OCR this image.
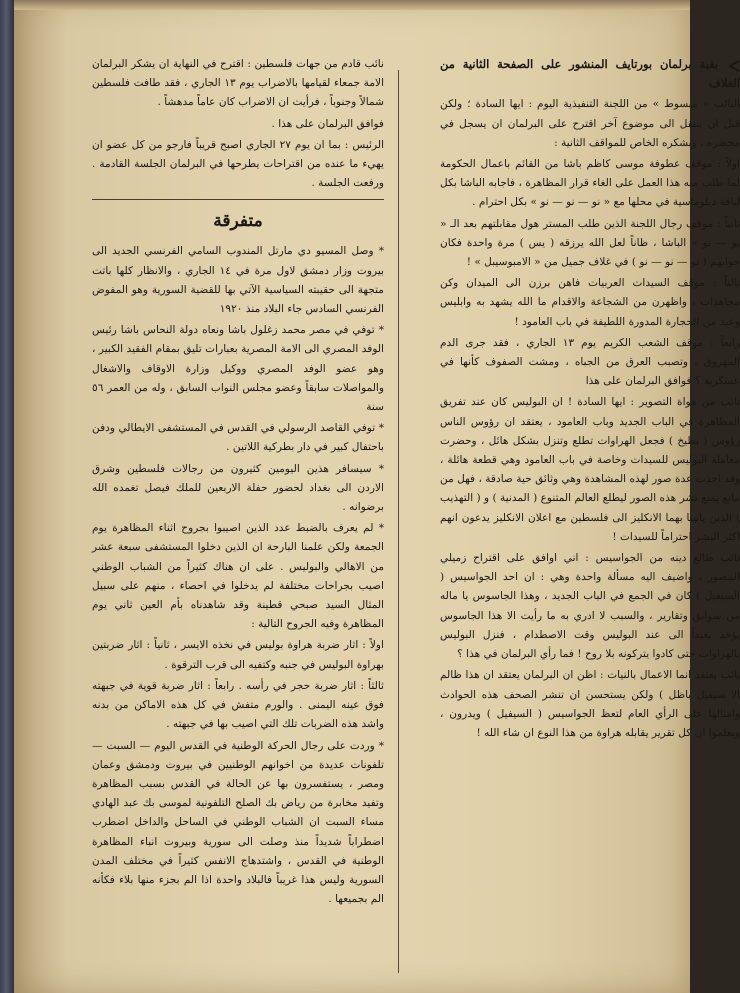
نائب قادم من جهات فلسطين : اقترح في النهاية ان يشكر البرلمان الامة جمعاء لقيامها بالاضراب يوم ١٣ الجاري ، فقد طافت فلسطين شمالاً وجنوباً ، فرأيت ان الاضراب كان عاماً مدهشاً .

فوافق البرلمان على هذا .

الرئيس : بما ان يوم ٢٧ الجاري اصبح قريباً فارجو من كل عضو ان يهيء ما عنده من اقتراحات يطرحها في البرلمان الجلسة القادمة . ورفعت الجلسة .

متفرقة

* وصل المسيو دي مارتل المندوب السامي الفرنسي الجديد الى بيروت وزار دمشق لاول مرة في ١٤ الجاري ، والانظار كلها باتت متجهة الى حقيبته السياسية الآتي بها للقضية السورية وهو المفوض الفرنسي السادس جاء البلاد منذ ١٩٢٠

* توفي في مصر محمد زغلول باشا ونعاه دولة النحاس باشا رئيس الوفد المصري الى الامة المصرية بعبارات تليق بمقام الفقيد الكبير ، وهو عضو الوفد المصري ووكيل وزارة الاوقاف والاشغال والمواصلات سابقاً وعضو مجلس النواب السابق ، وله من العمر ٥٦ سنة

* توفي القاصد الرسولي في القدس في المستشفى الايطالي ودفن باحتفال كبير في دار بطركية اللاتين .

* سيسافر هذين اليومين كثيرون من رجالات فلسطين وشرق الاردن الى بغداد لحضور حفلة الاربعين للملك فيصل تغمده الله برضوانه .

* لم يعرف بالضبط عدد الذين اصيبوا بجروح اثناء المظاهرة يوم الجمعة ولكن علمنا البارحة ان الذين دخلوا المستشفى سبعة عشر من الاهالي والبوليس . على ان هناك كثيراً من الشباب الوطني اصيب بجراحات مختلفة لم يدخلوا في احصاء ، منهم على سبيل المثال السيد صبحي قطينة وقد شاهدناه بأم العين ثاني يوم المظاهرة وفيه الجروح التالية :

اولاً : اثار ضربة هراوة بوليس في نخذه الايسر ، ثانياً : اثار ضربتين بهراوة البوليس في جنبه وكتفيه الى قرب الترقوة .

ثالثاً : اثار ضربة حجر في رأسه . رابعاً : اثار ضربة قوية في جبهته فوق عينه اليمنى . والورم متفش في كل هذه الاماكن من بدنه واشد هذه الضربات تلك التي اصيب بها في جبهته .

* وردت على رجال الحركة الوطنية في القدس اليوم — السبت — تلفونات عديدة من اخوانهم الوطنيين في بيروت ودمشق وعمان ومصر ، يستفسرون بها عن الحالة في القدس بسبب المظاهرة وتفيد مخابرة من رياض بك الصلح التلفونية لموسى بك عبد الهادي مساء السبت ان الشباب الوطني في الساحل والداخل اضطرب اضطراباً شديداً منذ وصلت الى سورية وبيروت انباء المظاهرة الوطنية في القدس ، واشتدهاج الانفس كثيراً في مختلف المدن السورية وليس هذا غريباً فالبلاد واحدة اذا الم بجزء منها بلاء فكأنه الم بجميعها .

بقية برلمان بورتايف المنشور على الصفحة الثانية من الغلاف

النائب « مبسوط » من اللجنة التنفيذية اليوم : ايها السادة ؛ ولكن قبل ان ننتقل الى موضوع آخر اقترح على البرلمان ان يسجل في محضره ، وبشكره الخاص للمواقف الثانية :

اولاً : موقف عطوفة موسى كاظم باشا من القائم باعمال الحكومة لما طلب منه هذا العمل على الغاء قرار المظاهرة ، فاجابه الباشا بكل لباقة دبلوماسية في محلها مع « نو — نو — نو » بكل احترام .

ثانياً : موقف رجال اللجنة الذين طلب المستر هول مقابلتهم بعد الـ « نو — نو » الباشا ، ظاناً لعل الله يرزقه ( يس ) مرة واحدة فكان جوابهم ( نو — نو — نو ) في غلاف جميل من « الامبوسيبل » !

ثالثاً : موقف السيدات العربيات فاهن برزن الى الميدان وكن مجاهدات ، واظهرن من الشجاعة والاقدام ما الله يشهد به وابليس وعبد من الحجارة المدورة اللطيفة في باب العامود !

رابعاً : موقف الشعب الكريم يوم ١٣ الجاري ، فقد جرى الدم المهروق ، وتصبب العرق من الجباه ، ومشت الصفوف كأنها في عسكرية ؟ فوافق البرلمان على هذا

نائب من هواة التصوير : ايها السادة ! ان البوليس كان عند تفريق المظاهرة في الباب الجديد وباب العامود ، يعتقد ان رؤوس الناس رؤوس ( بطيخ ) فجعل الهراوات تطلع وتنزل بشكل هائل ، وحضرت معاملة البوليس للسيدات وخاصة في باب العامود وهي قطعة هائلة ، وقد اخذت عدة صور لهذه المشاهدة وهي وثائق حية صادقة ، فهل من مانع يمنع نشر هذه الصور ليطلع العالم المتنوع ( المدنية ) و ( التهذيب ) الذين ياتينا بهما الانكليز الى فلسطين مع اعلان الانكليز يدعون انهم اكثر البشر احتراماً للسيدات !

نائب طالع دينه من الجواسيس : اني اوافق على اقتراح زميلي المصور ، واضيف اليه مسألة واحدة وهي : ان احد الجواسيس ( السيفيل ) كان في الجمع في الباب الجديد ، وهذا الجاسوس يا ماله من سوابق وتقارير ، والسبب لا ادري به ما رأيت الا هذا الجاسوس يؤخذ بعيداً الى عند البوليس وقت الاصطدام ، فنزل البوليس بالهراوات حتى كادوا يتركونه بلا روح ! فما رأي البرلمان في هذا ؟

نائب يعتقد انما الاعمال بالنيات : اظن ان البرلمان يعتقد ان هذا ظالم الا سيفيل باظل ) ولكن يستحسن ان تنشر الصحف هذه الحوادث وامثالها على الرأي العام لتعظ الجواسيس ( السيفيل ) ويدرون ، ويعلموا ان كل تقرير يقابله هراوة من هذا النوع ان شاء الله !
